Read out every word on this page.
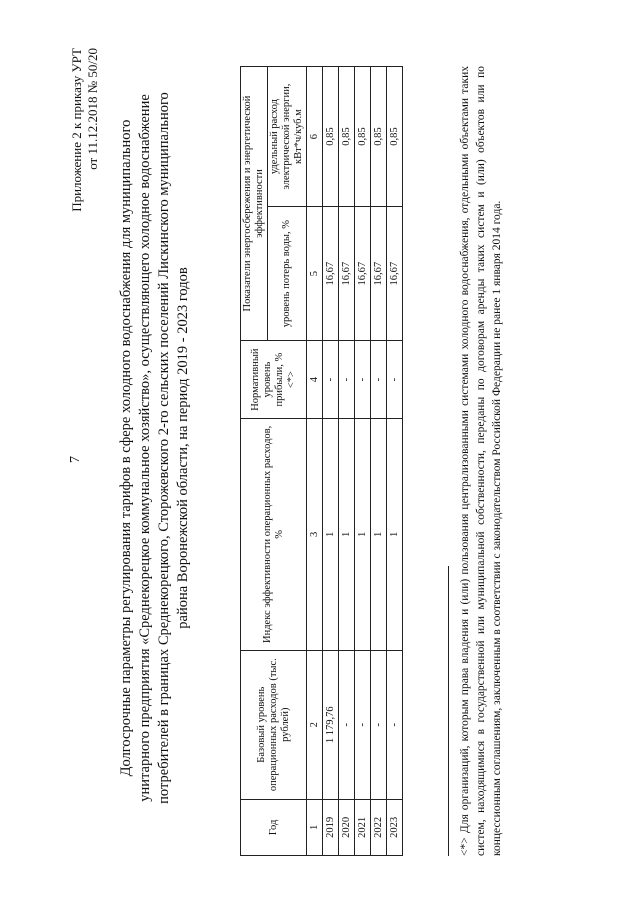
7
Приложение 2 к приказу УРТ от 11.12.2018 № 50/20
Долгосрочные параметры регулирования тарифов в сфере холодного водоснабжения для муниципального унитарного предприятия «Среднекорецкое коммунальное хозяйство», осуществляющего холодное водоснабжение потребителей в границах Среднекорецкого, Сторожевского 2-го сельских поселений Лискинского муниципального района Воронежской области, на период 2019 - 2023 годов
Год	Базовый уровень операционных расходов (тыс. рублей)	Индекс эффективности операционных расходов, %	Нормативный уровень прибыли, % <*>	Показатели энергосбережения и энергетической эффективности	
				уровень потерь воды, %	удельный расход электрической энергии, кВт*ч/куб.м
1	2	3	4	5	6
2019	1 179,76	1	-	16,67	0,85
2020	-	1	-	16,67	0,85
2021	-	1	-	16,67	0,85
2022	-	1	-	16,67	0,85
2023	-	1	-	16,67	0,85	<*> Для организаций, которым права владения и (или) пользования централизованными системами холодного водоснабжения, отдельными объектами таких систем, находящимися в государственной или муниципальной собственности, переданы по договорам аренды таких систем и (или) объектов или по концессионным соглашениям, заключенным в соответствии с законодательством Российской Федерации не ранее 1 января 2014 года.
